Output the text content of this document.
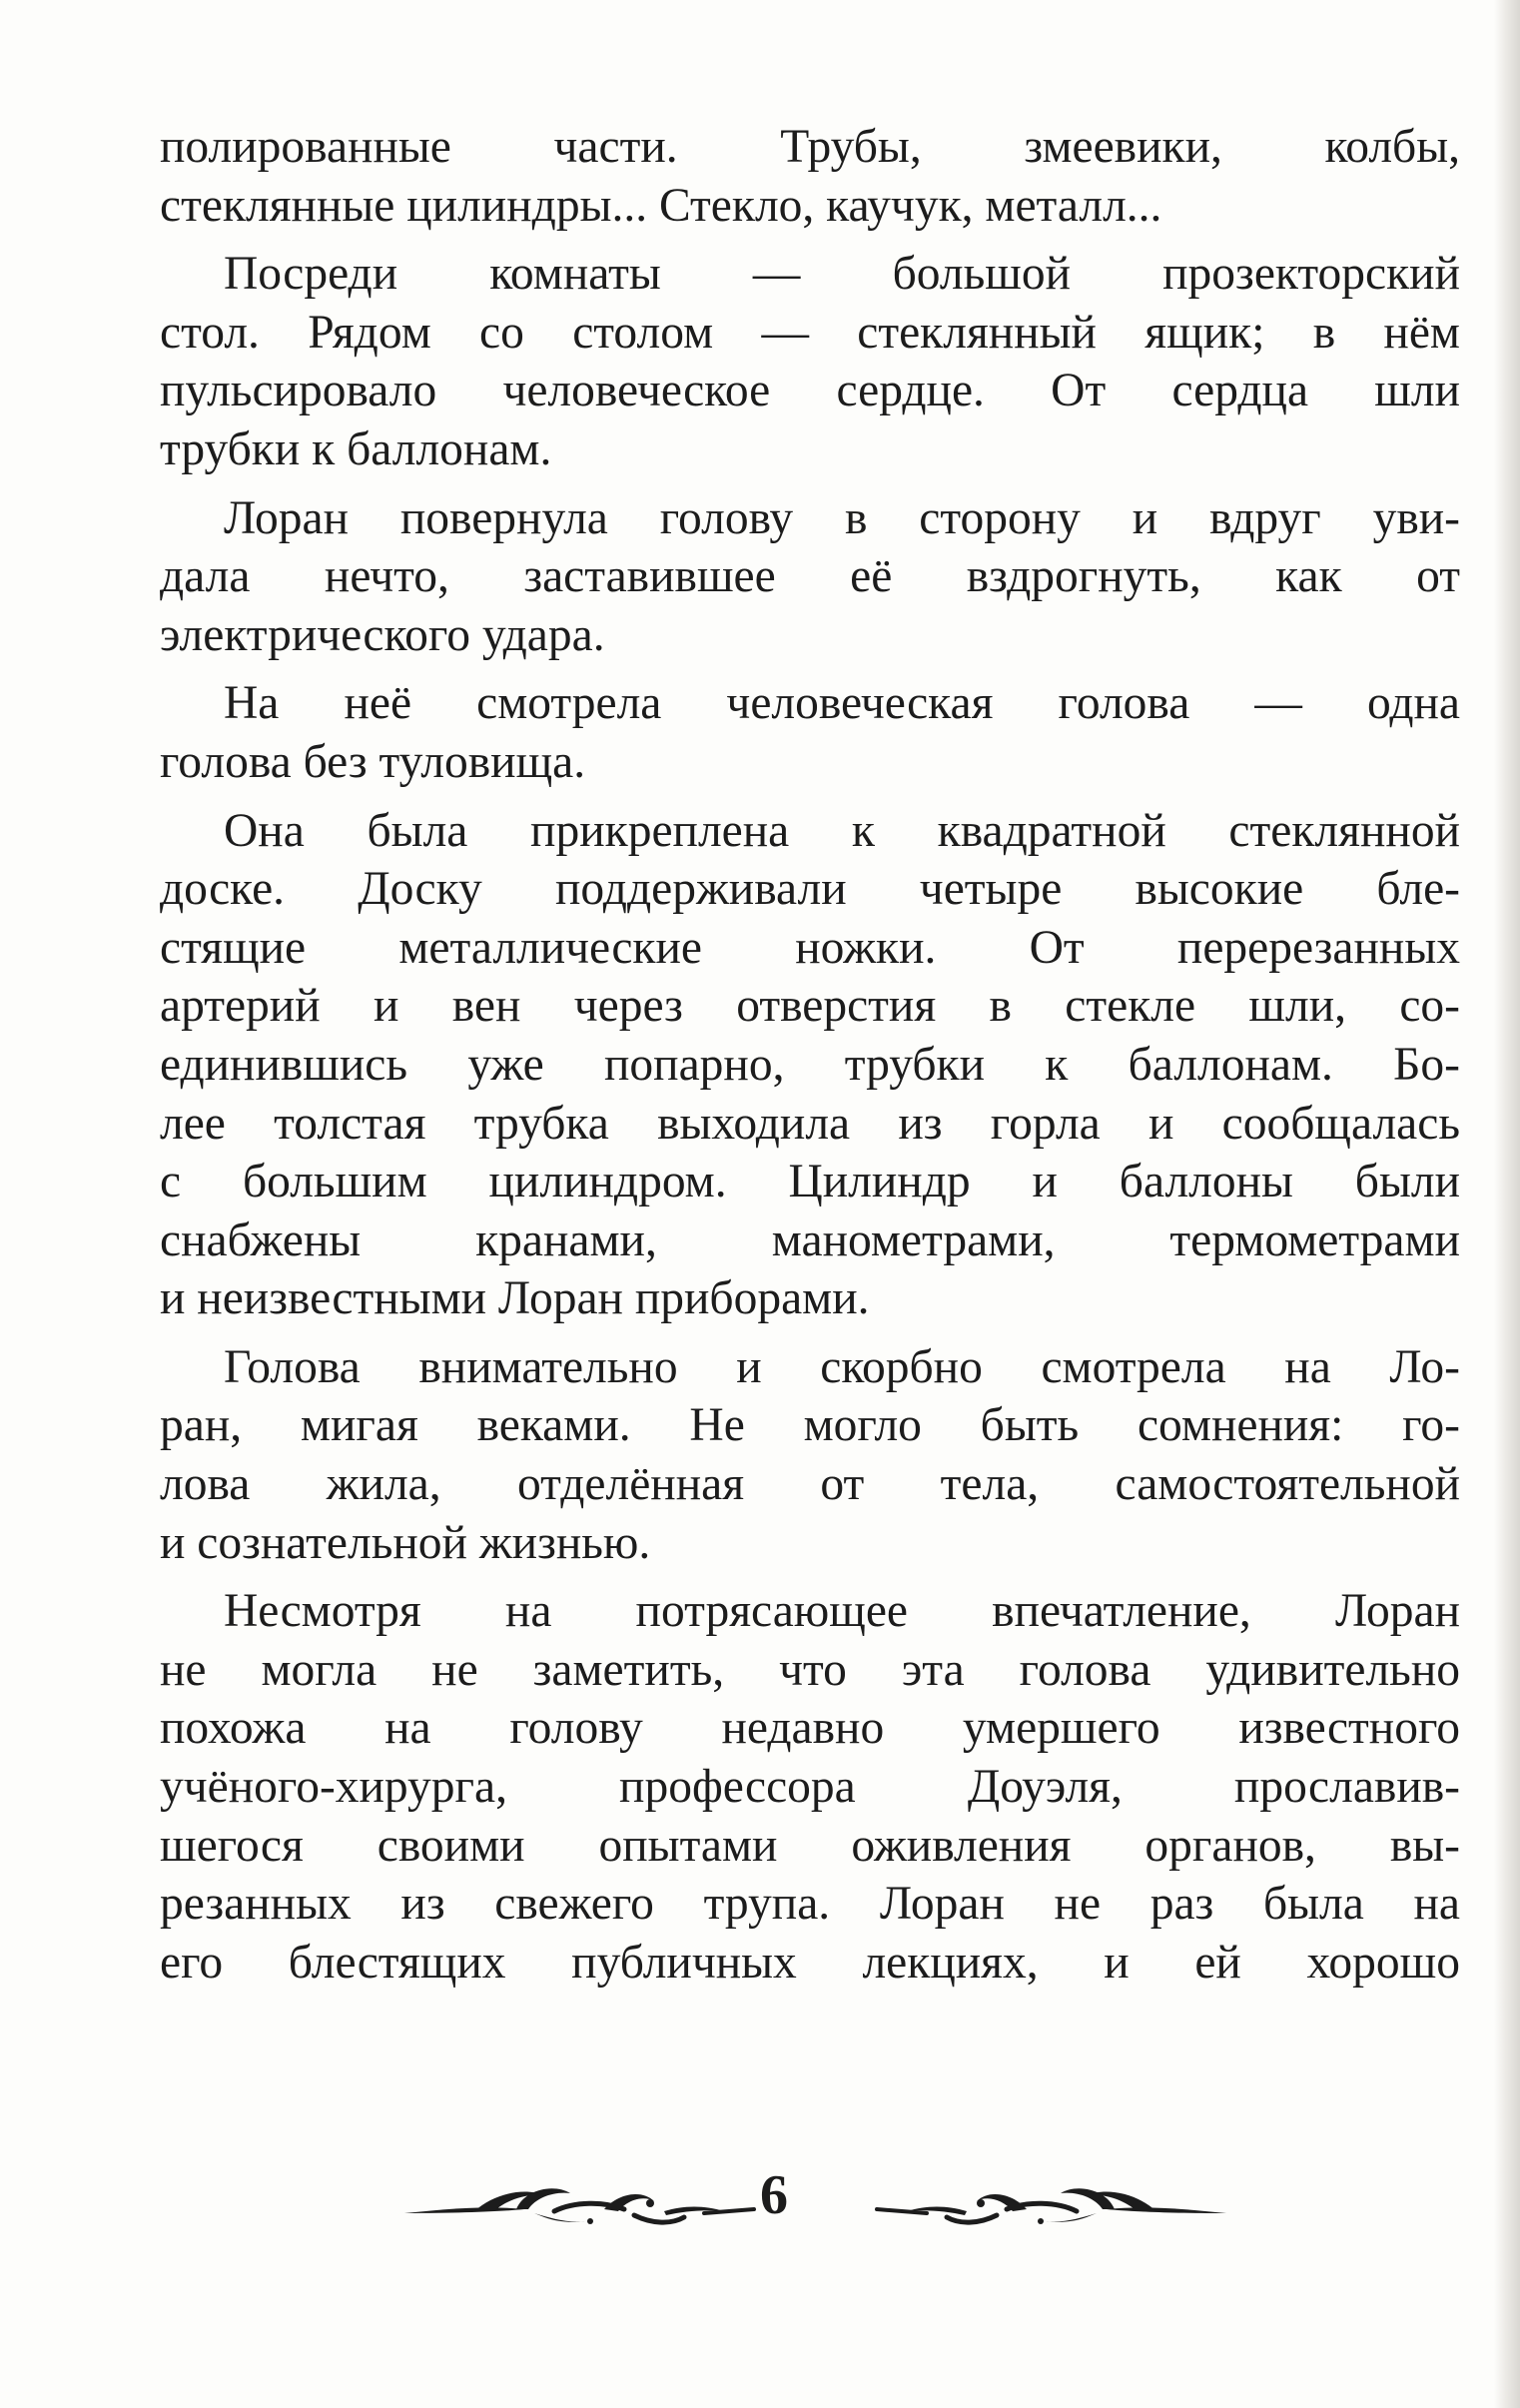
полированные части. Трубы, змеевики, колбы,
стеклянные цилиндры... Стекло, каучук, металл...
Посреди комнаты — большой прозекторский
стол. Рядом со столом — стеклянный ящик; в нём
пульсировало человеческое сердце. От сердца шли
трубки к баллонам.
Лоран повернула голову в сторону и вдруг уви-
дала нечто, заставившее её вздрогнуть, как от
электрического удара.
На неё смотрела человеческая голова — одна
голова без туловища.
Она была прикреплена к квадратной стеклянной
доске. Доску поддерживали четыре высокие бле-
стящие металлические ножки. От перерезанных
артерий и вен через отверстия в стекле шли, со-
единившись уже попарно, трубки к баллонам. Бо-
лее толстая трубка выходила из горла и сообщалась
с большим цилиндром. Цилиндр и баллоны были
снабжены кранами, манометрами, термометрами
и неизвестными Лоран приборами.
Голова внимательно и скорбно смотрела на Ло-
ран, мигая веками. Не могло быть сомнения: го-
лова жила, отделённая от тела, самостоятельной
и сознательной жизнью.
Несмотря на потрясающее впечатление, Лоран
не могла не заметить, что эта голова удивительно
похожа на голову недавно умершего известного
учёного-хирурга, профессора Доуэля, прославив-
шегося своими опытами оживления органов, вы-
резанных из свежего трупа. Лоран не раз была на
его блестящих публичных лекциях, и ей хорошо
6
